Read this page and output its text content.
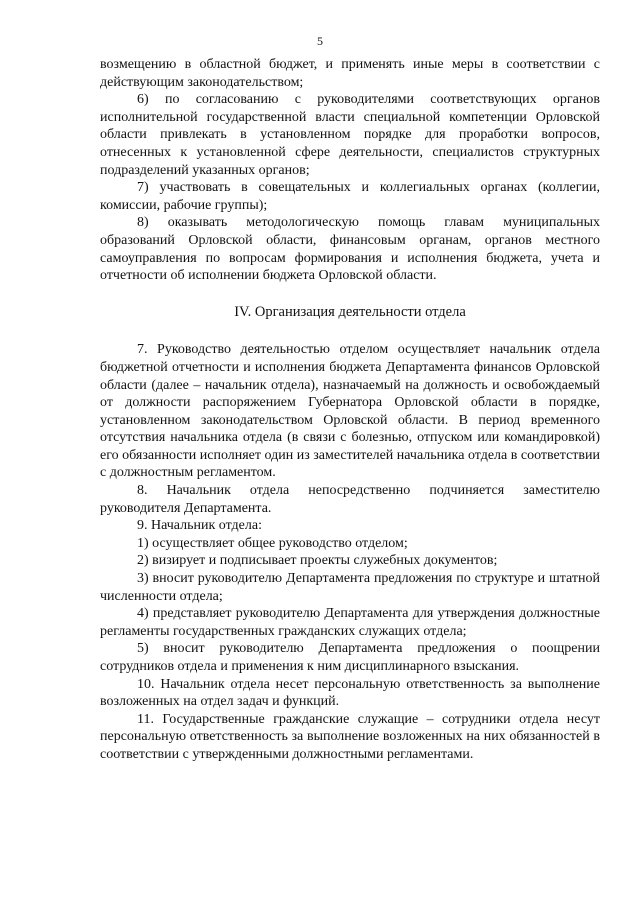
5

возмещению в областной бюджет, и применять иные меры в соответствии с действующим законодательством;

6) по согласованию с руководителями соответствующих органов исполнительной государственной власти специальной компетенции Орловской области привлекать в установленном порядке для проработки вопросов, отнесенных к установленной сфере деятельности, специалистов структурных подразделений указанных органов;

7) участвовать в совещательных и коллегиальных органах (коллегии, комиссии, рабочие группы);

8) оказывать методологическую помощь главам муниципальных образований Орловской области, финансовым органам, органов местного самоуправления по вопросам формирования и исполнения бюджета, учета и отчетности об исполнении бюджета Орловской области.

IV. Организация деятельности отдела

7. Руководство деятельностью отделом осуществляет начальник отдела бюджетной отчетности и исполнения бюджета Департамента финансов Орловской области (далее – начальник отдела), назначаемый на должность и освобождаемый от должности распоряжением Губернатора Орловской области в порядке, установленном законодательством Орловской области. В период временного отсутствия начальника отдела (в связи с болезнью, отпуском или командировкой) его обязанности исполняет один из заместителей начальника отдела в соответствии с должностным регламентом.

8. Начальник отдела непосредственно подчиняется заместителю руководителя Департамента.

9. Начальник отдела:

1) осуществляет общее руководство отделом;

2) визирует и подписывает проекты служебных документов;

3) вносит руководителю Департамента предложения по структуре и штатной численности отдела;

4) представляет руководителю Департамента для утверждения должностные регламенты государственных гражданских служащих отдела;

5) вносит руководителю Департамента предложения о поощрении сотрудников отдела и применения к ним дисциплинарного взыскания.

10. Начальник отдела несет персональную ответственность за выполнение возложенных на отдел задач и функций.

11. Государственные гражданские служащие – сотрудники отдела несут персональную ответственность за выполнение возложенных на них обязанностей в соответствии с утвержденными должностными регламентами.
